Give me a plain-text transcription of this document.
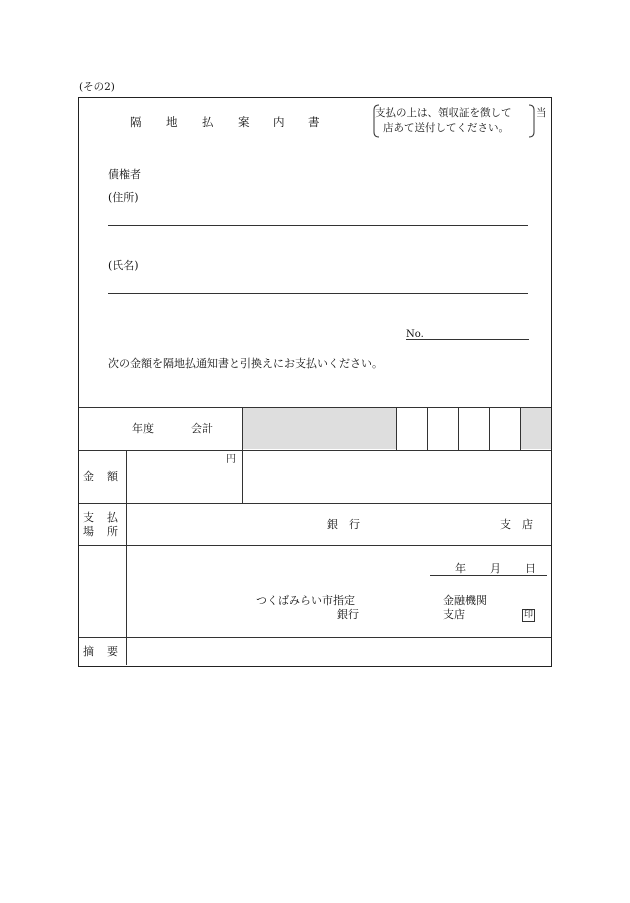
(その2)
隔 地 払 案 内 書
債権者
(住所)
(氏名)
No.
次の金額を隔地払通知書と引換えにお支払いください。
年度	会計
金 額
円
支 払
場 所
銀　行	支　店
年 月 日
つくばみらい市指定
銀行
金融機関
支店	印
摘 要
支払の上は、領収証を徴して
店あて送付してください。
当
